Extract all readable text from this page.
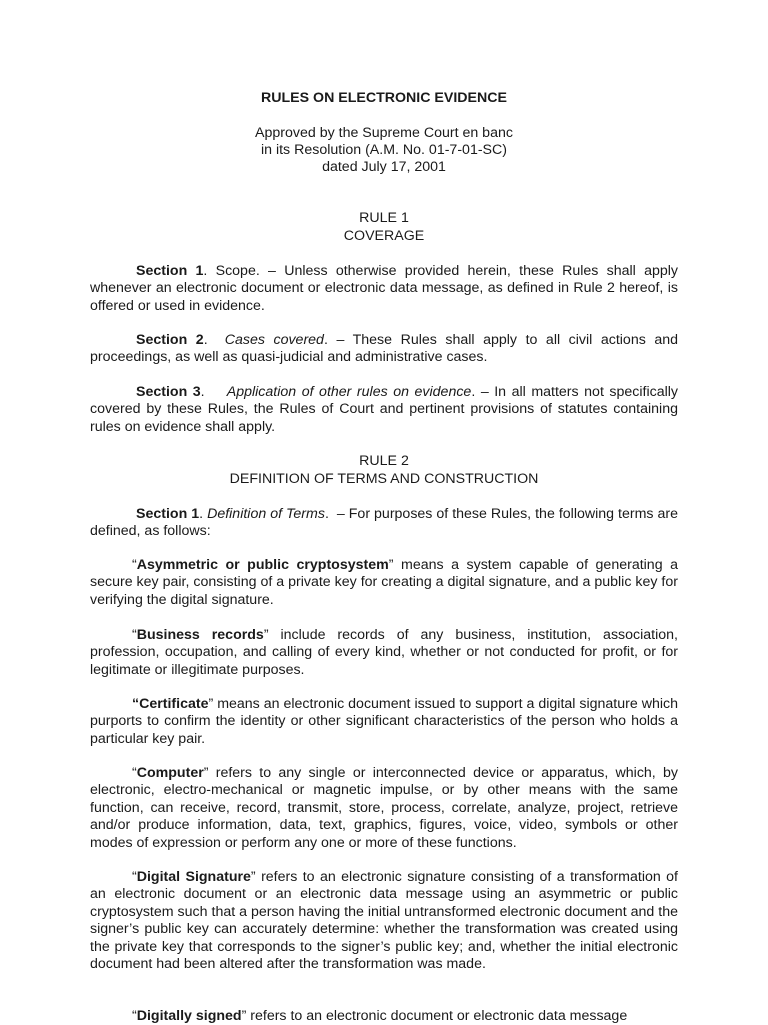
RULES ON ELECTRONIC EVIDENCE
Approved by the Supreme Court en banc
in its Resolution (A.M. No. 01-7-01-SC)
dated July 17, 2001
RULE 1
COVERAGE

Section 1. Scope. – Unless otherwise provided herein, these Rules shall apply whenever an electronic document or electronic data message, as defined in Rule 2 hereof, is offered or used in evidence.

Section 2.  Cases covered. – These Rules shall apply to all civil actions and proceedings, as well as quasi-judicial and administrative cases.

Section 3.    Application of other rules on evidence. – In all matters not specifically covered by these Rules, the Rules of Court and pertinent provisions of statutes containing rules on evidence shall apply.

RULE 2
DEFINITION OF TERMS AND CONSTRUCTION

Section 1. Definition of Terms.  – For purposes of these Rules, the following terms are defined, as follows:

“Asymmetric or public cryptosystem” means a system capable of generating a secure key pair, consisting of a private key for creating a digital signature, and a public key for verifying the digital signature.

“Business records” include records of any business, institution, association, profession, occupation, and calling of every kind, whether or not conducted for profit, or for legitimate or illegitimate purposes.

“Certificate” means an electronic document issued to support a digital signature which purports to confirm the identity or other significant characteristics of the person who holds a particular key pair.

“Computer” refers to any single or interconnected device or apparatus, which, by electronic, electro-mechanical or magnetic impulse, or by other means with the same function, can receive, record, transmit, store, process, correlate, analyze, project, retrieve and/or produce information, data, text, graphics, figures, voice, video, symbols or other modes of expression or perform any one or more of these functions.

“Digital Signature” refers to an electronic signature consisting of a transformation of an electronic document or an electronic data message using an asymmetric or public cryptosystem such that a person having the initial untransformed electronic document and the signer’s public key can accurately determine: whether the transformation was created using the private key that corresponds to the signer’s public key; and, whether the initial electronic document had been altered after the transformation was made.

“Digitally signed” refers to an electronic document or electronic data message
